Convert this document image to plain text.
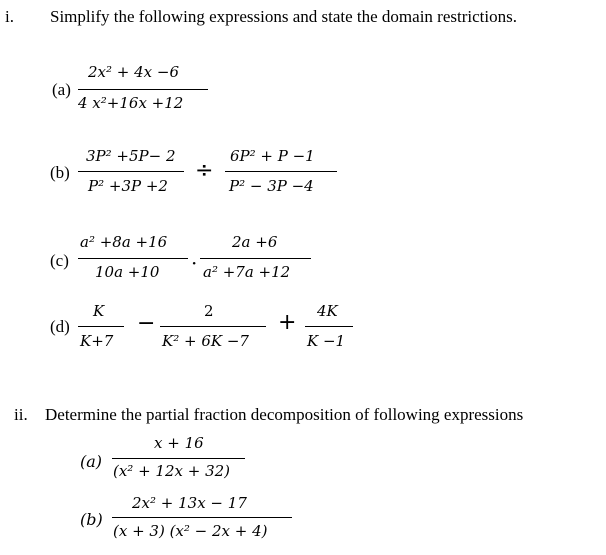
i. Simplify the following expressions and state the domain restrictions.
(a)
2x² + 4x −6
4 x²+16x +12
(b)
3P² +5P− 2
P² +3P +2
÷
6P² + P −1
P² − 3P −4
(c)
a² +8a +16
10a +10 ·
2a +6
a² +7a +12
(d)
K
K+7
−	2
K² + 6K −7
+ 4K
K −1
ii. Determine the partial fraction decomposition of following expressions
(a)
x + 16
(x² + 12x + 32)
(b)
2x² + 13x − 17
(x + 3) (x² − 2x + 4)
